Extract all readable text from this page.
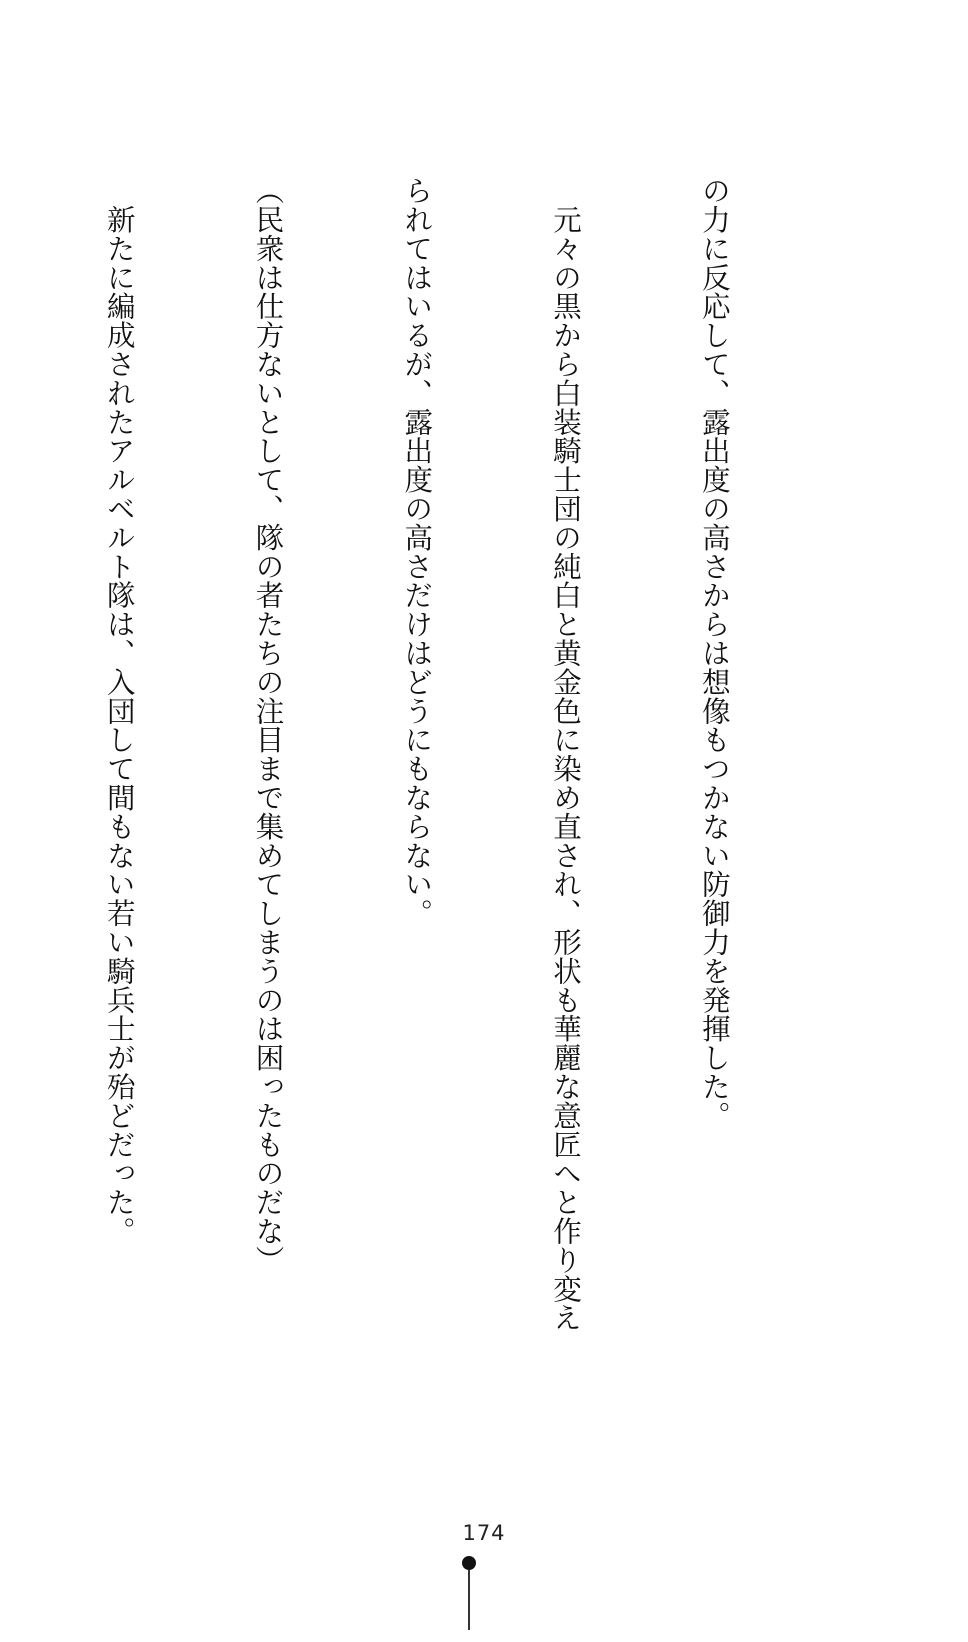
の力に反応して、露出度の高さからは想像もつかない防御力を発揮した。

　元々の黒から白装騎士団の純白と黄金色に染め直され、形状も華麗な意匠へと作り変え

られてはいるが、露出度の高さだけはどうにもならない。

（民衆は仕方ないとして、隊の者たちの注目まで集めてしまうのは困ったものだな）

　新たに編成されたアルベルト隊は、入団して間もない若い騎兵士が殆どだった。

174
